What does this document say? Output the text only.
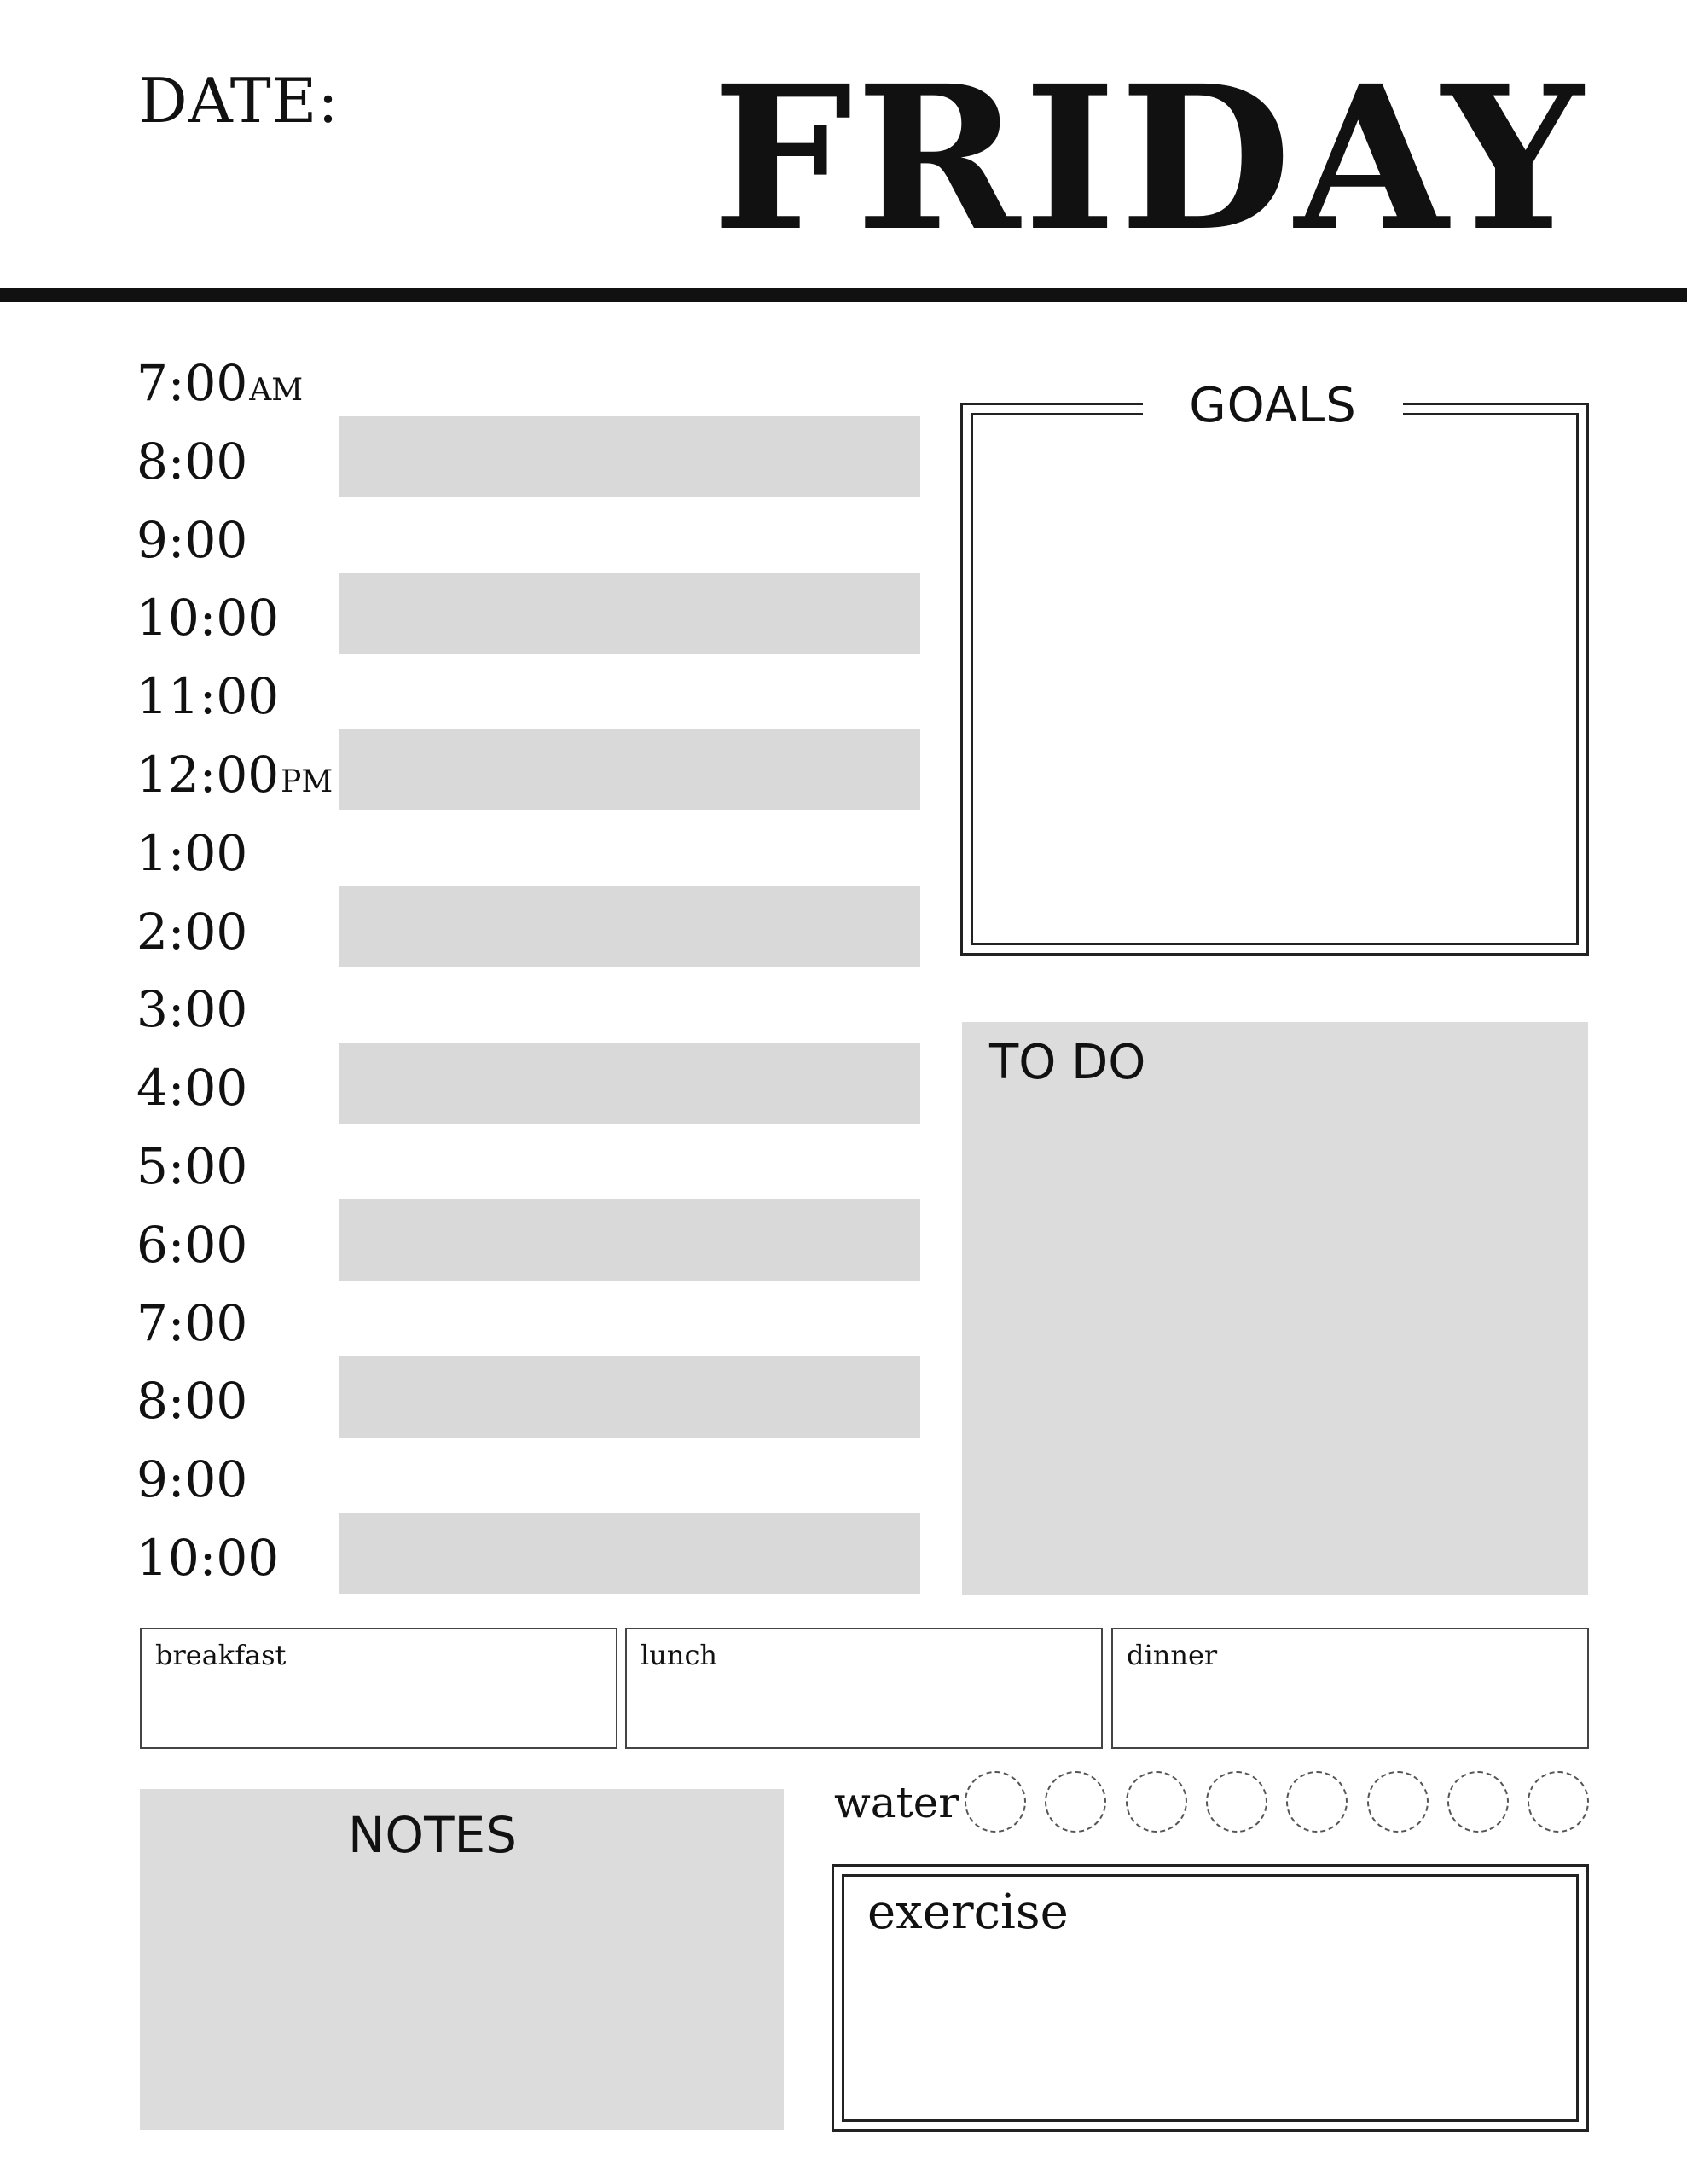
DATE: FRIDAY
GOALS
TO DO
breakfast	lunch	dinner
NOTES
water
exercise
7:00AM
8:00
9:00
10:00
11:00
12:00PM
1:00
2:00
3:00
4:00
5:00
6:00
7:00
8:00
9:00
10:00
